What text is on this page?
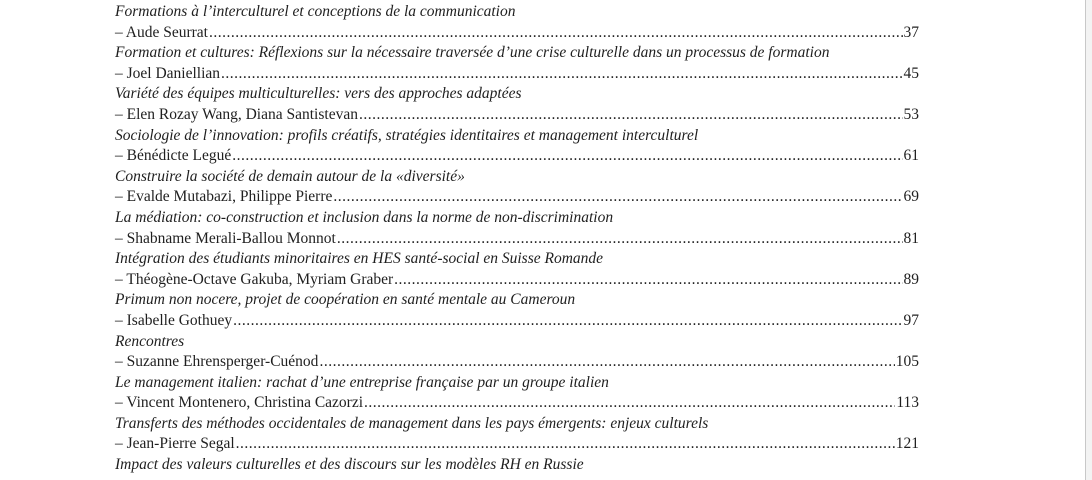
Formations à l’interculturel et conceptions de la communication
– Aude Seurrat .....	37
Formation et cultures: Réflexions sur la nécessaire traversée d’une crise culturelle dans un processus de formation
– Joel Daniellian .....	45
Variété des équipes multiculturelles: vers des approches adaptées
– Elen Rozay Wang, Diana Santistevan .....	53
Sociologie de l’innovation: profils créatifs, stratégies identitaires et management interculturel
– Bénédicte Legué .....	61
Construire la société de demain autour de la «diversité»
– Evalde Mutabazi, Philippe Pierre .....	69
La médiation: co-construction et inclusion dans la norme de non-discrimination
– Shabname Merali-Ballou Monnot .....	81
Intégration des étudiants minoritaires en HES santé-social en Suisse Romande
– Théogène-Octave Gakuba, Myriam Graber .....	89
Primum non nocere, projet de coopération en santé mentale au Cameroun
– Isabelle Gothuey .....	97
Rencontres
– Suzanne Ehrensperger-Cuénod .....	105
Le management italien: rachat d’une entreprise française par un groupe italien
– Vincent Montenero, Christina Cazorzi .....	113
Transferts des méthodes occidentales de management dans les pays émergents: enjeux culturels
– Jean-Pierre Segal .....	121
Impact des valeurs culturelles et des discours sur les modèles RH en Russie
